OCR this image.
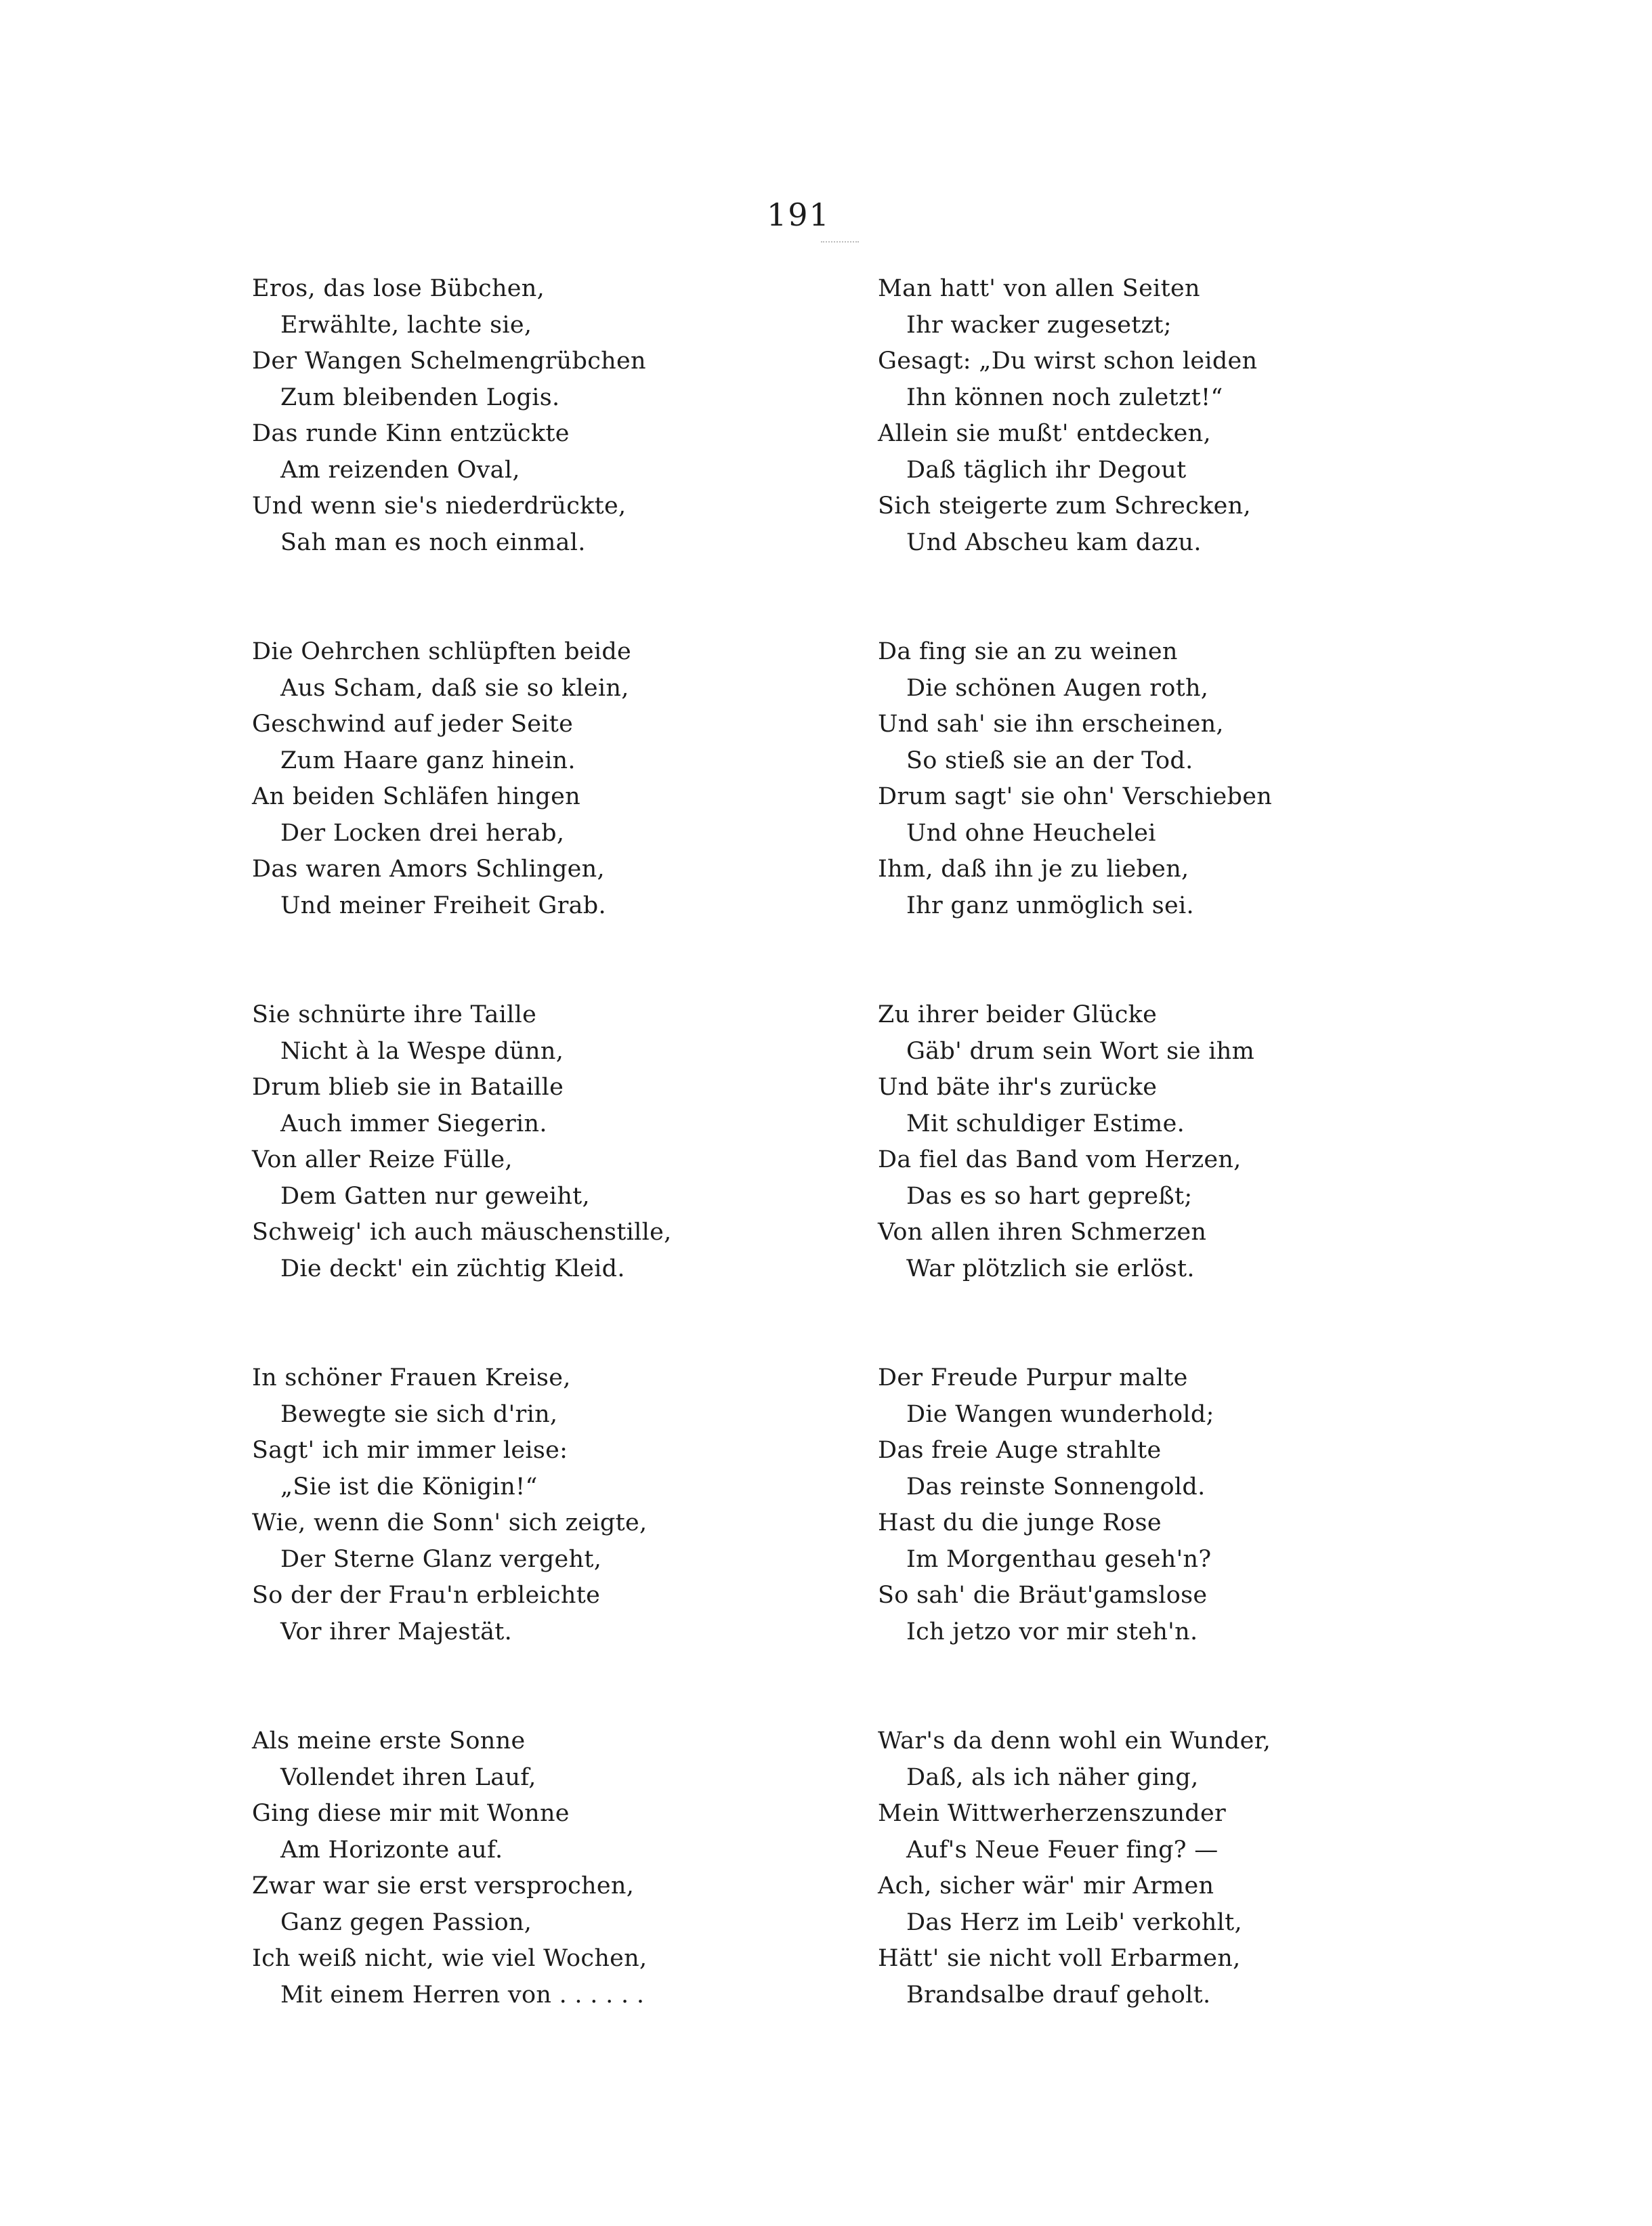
191
Eros, das lose Bübchen,
Erwählte, lachte sie,
Der Wangen Schelmengrübchen
Zum bleibenden Logis.
Das runde Kinn entzückte
Am reizenden Oval,
Und wenn sie's niederdrückte,
Sah man es noch einmal.
Die Oehrchen schlüpften beide
Aus Scham, daß sie so klein,
Geschwind auf jeder Seite
Zum Haare ganz hinein.
An beiden Schläfen hingen
Der Locken drei herab,
Das waren Amors Schlingen,
Und meiner Freiheit Grab.
Sie schnürte ihre Taille
Nicht à la Wespe dünn,
Drum blieb sie in Bataille
Auch immer Siegerin.
Von aller Reize Fülle,
Dem Gatten nur geweiht,
Schweig' ich auch mäuschenstille,
Die deckt' ein züchtig Kleid.
In schöner Frauen Kreise,
Bewegte sie sich d'rin,
Sagt' ich mir immer leise:
„Sie ist die Königin!“
Wie, wenn die Sonn' sich zeigte,
Der Sterne Glanz vergeht,
So der der Frau'n erbleichte
Vor ihrer Majestät.
Als meine erste Sonne
Vollendet ihren Lauf,
Ging diese mir mit Wonne
Am Horizonte auf.
Zwar war sie erst versprochen,
Ganz gegen Passion,
Ich weiß nicht, wie viel Wochen,
Mit einem Herren von . . . . . .
Man hatt' von allen Seiten
Ihr wacker zugesetzt;
Gesagt: „Du wirst schon leiden
Ihn können noch zuletzt!“
Allein sie mußt' entdecken,
Daß täglich ihr Degout
Sich steigerte zum Schrecken,
Und Abscheu kam dazu.
Da fing sie an zu weinen
Die schönen Augen roth,
Und sah' sie ihn erscheinen,
So stieß sie an der Tod.
Drum sagt' sie ohn' Verschieben
Und ohne Heuchelei
Ihm, daß ihn je zu lieben,
Ihr ganz unmöglich sei.
Zu ihrer beider Glücke
Gäb' drum sein Wort sie ihm
Und bäte ihr's zurücke
Mit schuldiger Estime.
Da fiel das Band vom Herzen,
Das es so hart gepreßt;
Von allen ihren Schmerzen
War plötzlich sie erlöst.
Der Freude Purpur malte
Die Wangen wunderhold;
Das freie Auge strahlte
Das reinste Sonnengold.
Hast du die junge Rose
Im Morgenthau geseh'n?
So sah' die Bräut'gamslose
Ich jetzo vor mir steh'n.
War's da denn wohl ein Wunder,
Daß, als ich näher ging,
Mein Wittwerherzenszunder
Auf's Neue Feuer fing? —
Ach, sicher wär' mir Armen
Das Herz im Leib' verkohlt,
Hätt' sie nicht voll Erbarmen,
Brandsalbe drauf geholt.
